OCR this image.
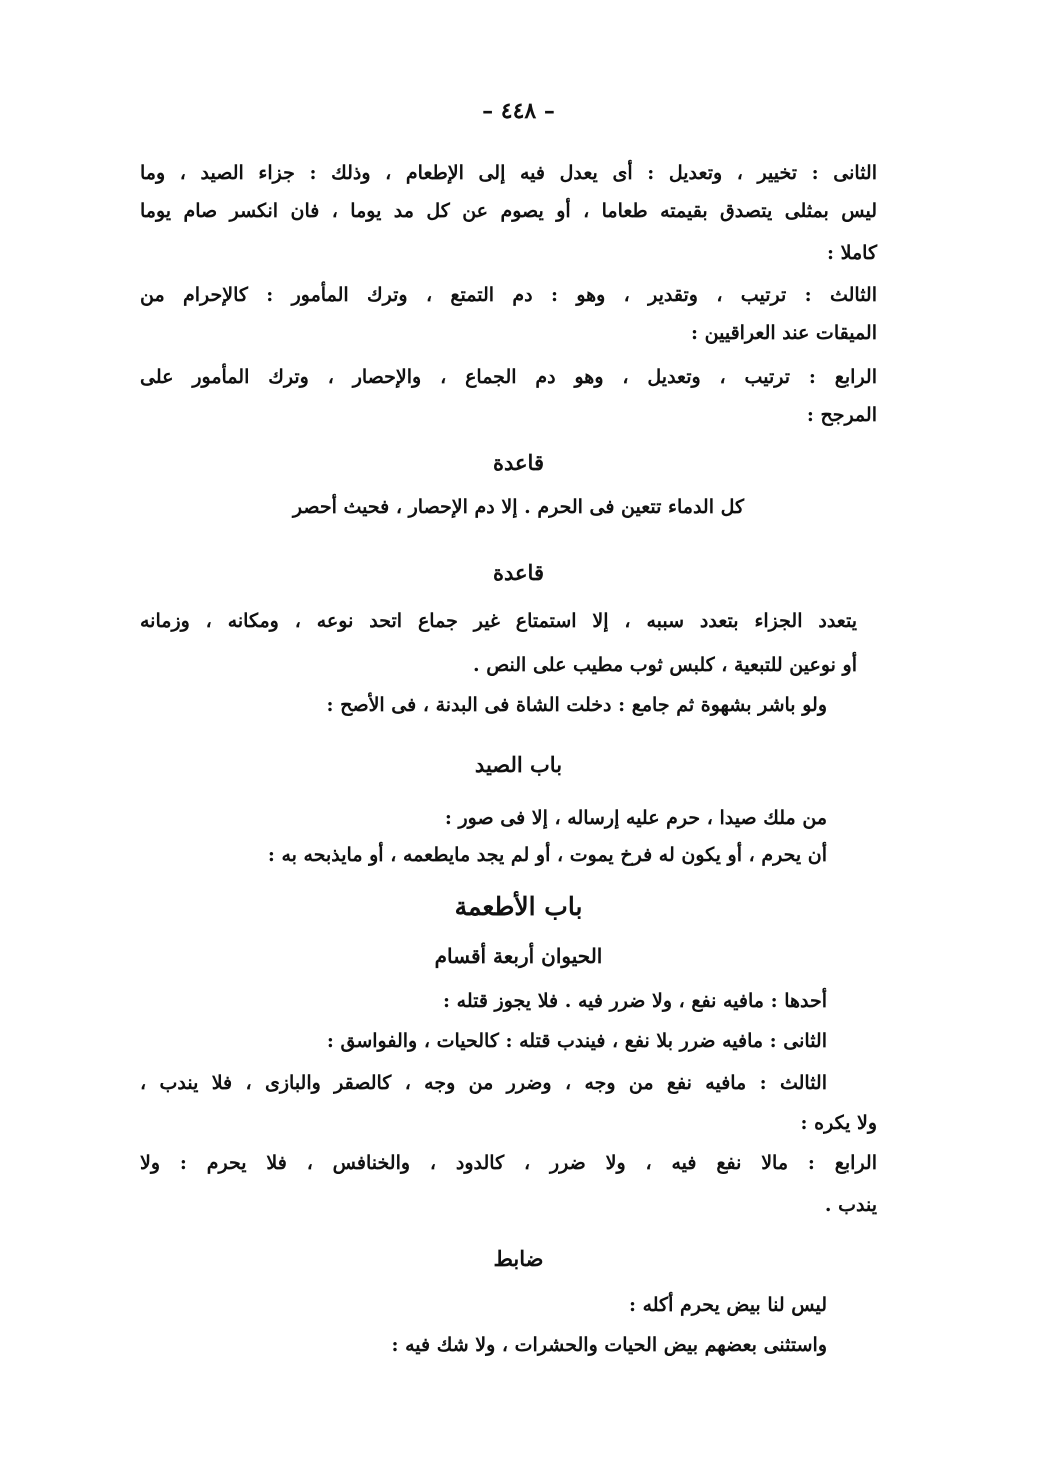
– ٤٤٨ –
الثانى : تخيير ، وتعديل : أى يعدل فيه إلى الإطعام ، وذلك : جزاء الصيد ، وما
ليس بمثلى يتصدق بقيمته طعاما ، أو يصوم عن كل مد يوما ، فان انكسر صام يوما
كاملا :
الثالث : ترتيب ، وتقدير ، وهو : دم التمتع ، وترك المأمور : كالإحرام من
الميقات عند العراقيين :
الرابع : ترتيب ، وتعديل ، وهو دم الجماع ، والإحصار ، وترك المأمور على
المرجح :
قاعدة
كل الدماء تتعين فى الحرم . إلا دم الإحصار ، فحيث أحصر
قاعدة
يتعدد الجزاء بتعدد سببه ، إلا استمتاع غير جماع اتحد نوعه ، ومكانه ، وزمانه
أو نوعين للتبعية ، كلبس ثوب مطيب على النص .
ولو باشر بشهوة ثم جامع : دخلت الشاة فى البدنة ، فى الأصح :
باب الصيد
من ملك صيدا ، حرم عليه إرساله ، إلا فى صور :
أن يحرم ، أو يكون له فرخ يموت ، أو لم يجد مايطعمه ، أو مايذبحه به :
باب الأطعمة
الحيوان أربعة أقسام
أحدها : مافيه نفع ، ولا ضرر فيه . فلا يجوز قتله :
الثانى : مافيه ضرر بلا نفع ، فيندب قتله : كالحيات ، والفواسق :
الثالث : مافيه نفع من وجه ، وضرر من وجه ، كالصقر والبازى ، فلا يندب ،
ولا يكره :
الرابع : مالا نفع فيه ، ولا ضرر ، كالدود ، والخنافس ، فلا يحرم : ولا
يندب .
ضابط
ليس لنا بيض يحرم أكله :
واستثنى بعضهم بيض الحيات والحشرات ، ولا شك فيه :
